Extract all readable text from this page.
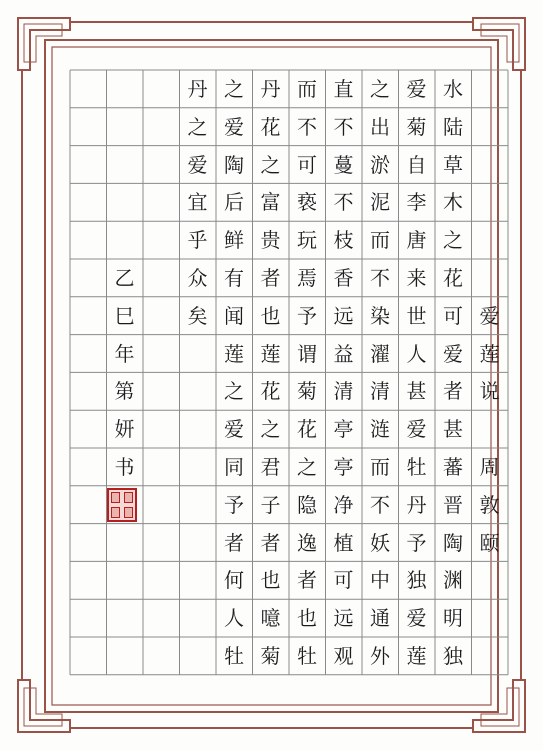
水
陆
草
木
之
花
可
爱
者
甚
蕃
晋
陶
渊
明
独
爱
菊
自
李
唐
来
世
人
甚
爱
牡
丹
予
独
爱
莲
之
出
淤
泥
而
不
染
濯
清
涟
而
不
妖
中
通
外
直
不
蔓
不
枝
香
远
益
清
亭
亭
净
植
可
远
观
而
不
可
亵
玩
焉
予
谓
菊
花
之
隐
逸
者
也
牡
丹
花
之
富
贵
者
也
莲
花
之
君
子
者
也
噫
菊
之
爱
陶
后
鲜
有
闻
莲
之
爱
同
予
者
何
人
牡
丹
之
爱
宜
乎
众
矣	爱
莲
说
周
敦
颐
乙
巳
年
第
妍
书
